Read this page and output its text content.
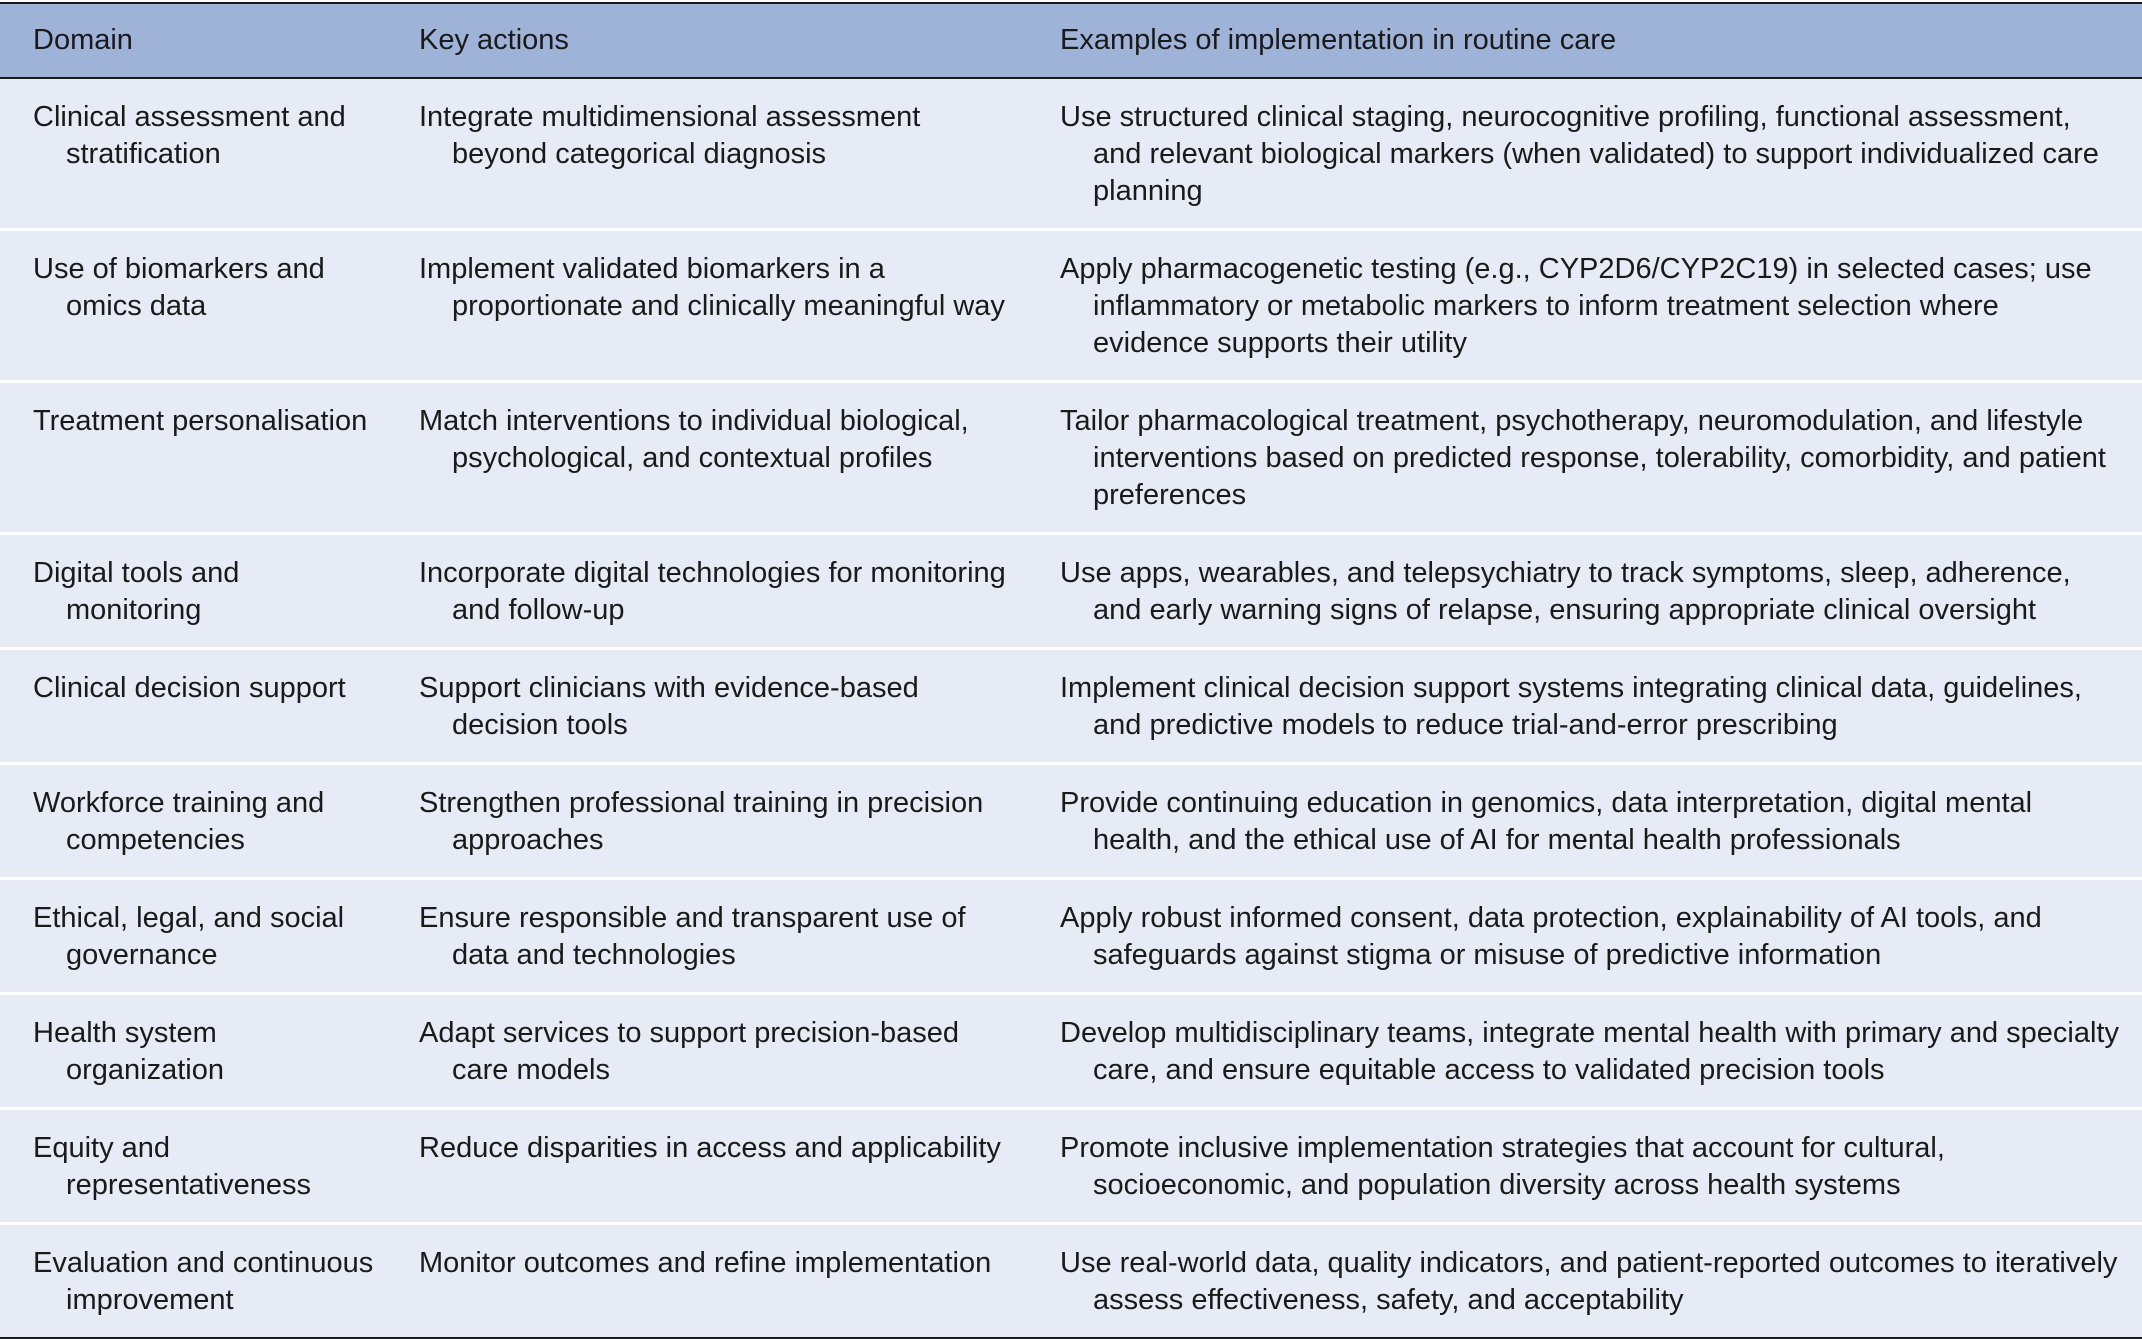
Domain	Key actions	Examples of implementation in routine care
Clinical assessment and stratification	Integrate multidimensional assessment beyond categorical diagnosis	Use structured clinical staging, neurocognitive profiling, functional assessment, and relevant biological markers (when validated) to support individualized care planning
Use of biomarkers and omics data	Implement validated biomarkers in a proportionate and clinically meaningful way	Apply pharmacogenetic testing (e.g., CYP2D6/CYP2C19) in selected cases; use inflammatory or metabolic markers to inform treatment selection where evidence supports their utility
Treatment personalisation	Match interventions to individual biological, psychological, and contextual profiles	Tailor pharmacological treatment, psychotherapy, neuromodulation, and lifestyle interventions based on predicted response, tolerability, comorbidity, and patient preferences
Digital tools and monitoring	Incorporate digital technologies for monitoring and follow-up	Use apps, wearables, and telepsychiatry to track symptoms, sleep, adherence, and early warning signs of relapse, ensuring appropriate clinical oversight
Clinical decision support	Support clinicians with evidence-based decision tools	Implement clinical decision support systems integrating clinical data, guidelines, and predictive models to reduce trial-and-error prescribing
Workforce training and competencies	Strengthen professional training in precision approaches	Provide continuing education in genomics, data interpretation, digital mental health, and the ethical use of AI for mental health professionals
Ethical, legal, and social governance	Ensure responsible and transparent use of data and technologies	Apply robust informed consent, data protection, explainability of AI tools, and safeguards against stigma or misuse of predictive information
Health system organization	Adapt services to support precision-based care models	Develop multidisciplinary teams, integrate mental health with primary and specialty care, and ensure equitable access to validated precision tools
Equity and representativeness	Reduce disparities in access and applicability	Promote inclusive implementation strategies that account for cultural, socioeconomic, and population diversity across health systems
Evaluation and continuous improvement	Monitor outcomes and refine implementation	Use real-world data, quality indicators, and patient-reported outcomes to iteratively assess effectiveness, safety, and acceptability
